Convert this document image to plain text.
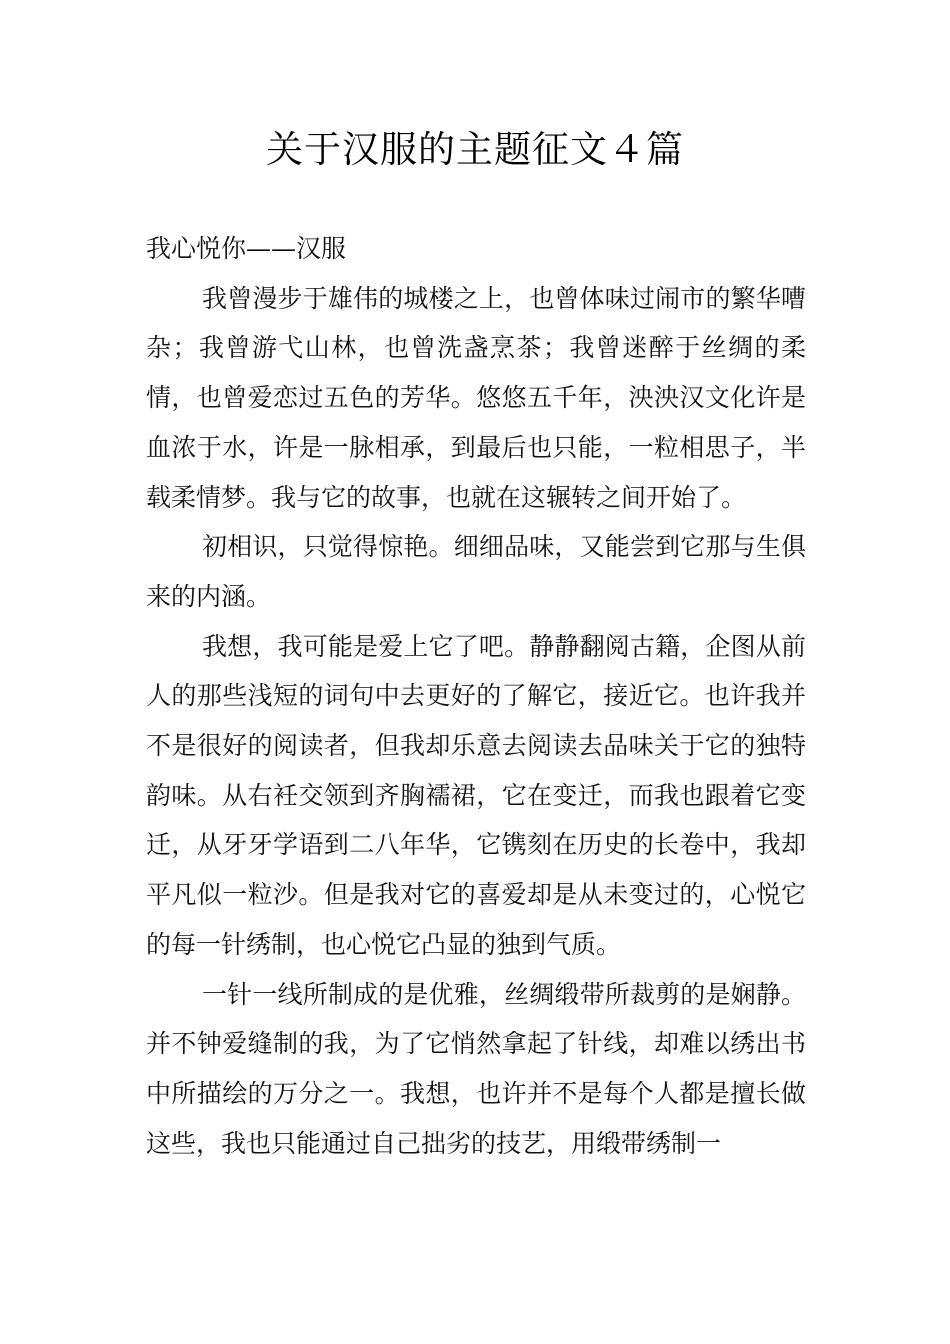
关于汉服的主题征文４篇

我心悦你——汉服

我曾漫步于雄伟的城楼之上，也曾体味过闹市的繁华嘈杂；我曾游弋山林，也曾洗盏烹茶；我曾迷醉于丝绸的柔情，也曾爱恋过五色的芳华。悠悠五千年，泱泱汉文化许是血浓于水，许是一脉相承，到最后也只能，一粒相思子，半载柔情梦。我与它的故事，也就在这辗转之间开始了。

初相识，只觉得惊艳。细细品味，又能尝到它那与生俱来的内涵。

我想，我可能是爱上它了吧。静静翻阅古籍，企图从前人的那些浅短的词句中去更好的了解它，接近它。也许我并不是很好的阅读者，但我却乐意去阅读去品味关于它的独特韵味。从右衽交领到齐胸襦裙，它在变迁，而我也跟着它变迁，从牙牙学语到二八年华，它镌刻在历史的长卷中，我却平凡似一粒沙。但是我对它的喜爱却是从未变过的，心悦它的每一针绣制，也心悦它凸显的独到气质。

一针一线所制成的是优雅，丝绸缎带所裁剪的是娴静。并不钟爱缝制的我，为了它悄然拿起了针线，却难以绣出书中所描绘的万分之一。我想，也许并不是每个人都是擅长做这些，我也只能通过自己拙劣的技艺，用缎带绣制一
